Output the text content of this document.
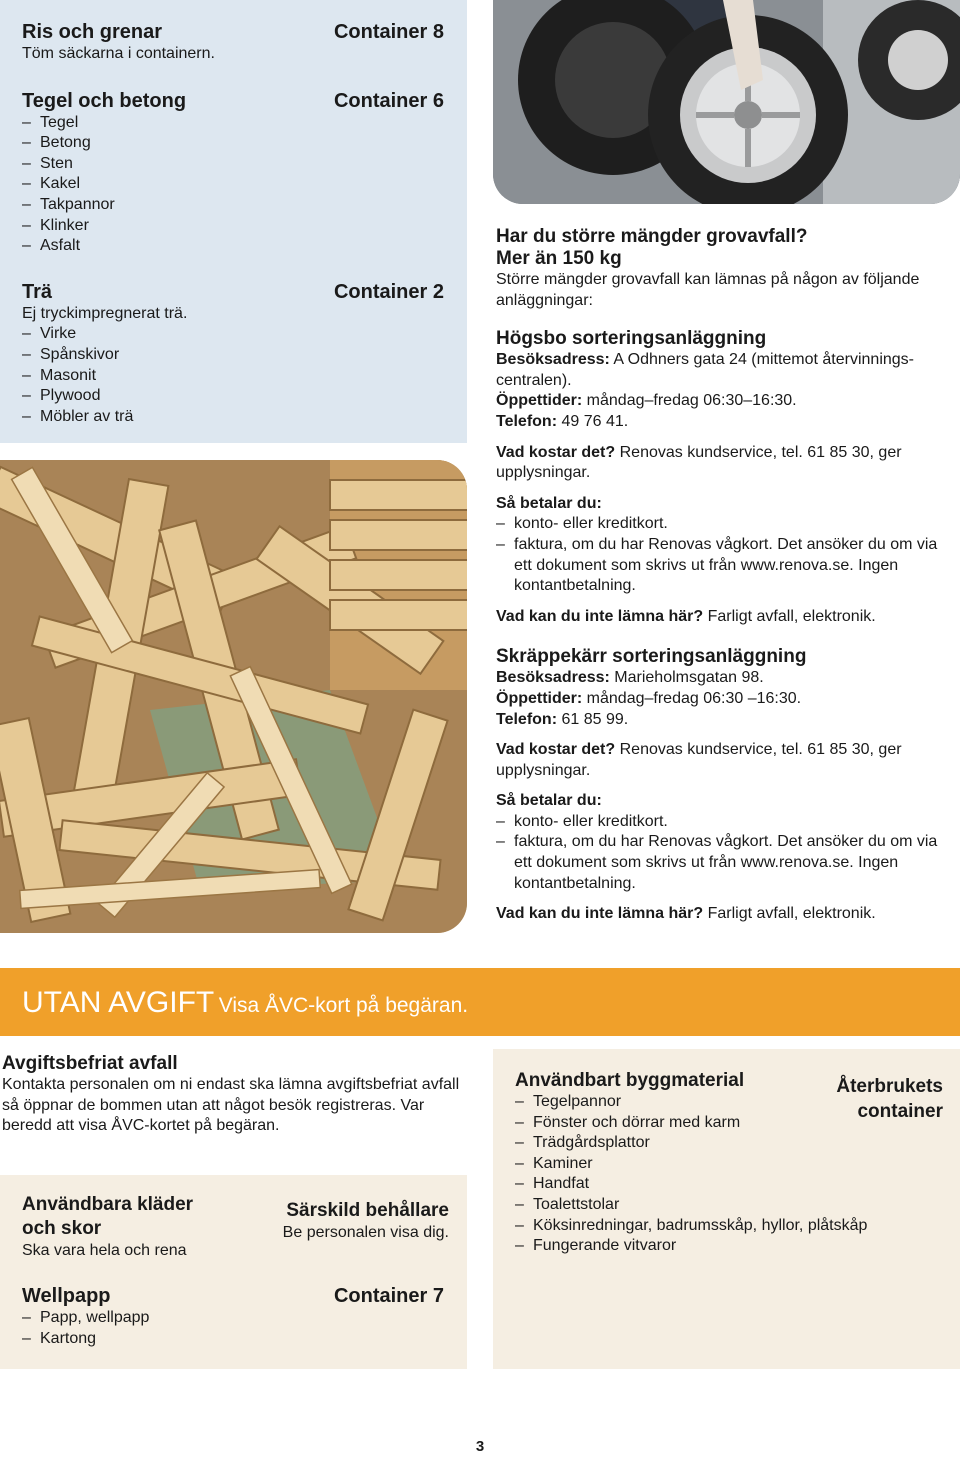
Ris och grenar	Container 8
Töm säckarna i containern.
Tegel och betong	Container 6
– Tegel
– Betong
– Sten
– Kakel
– Takpannor
– Klinker
– Asfalt
Trä	Container 2
Ej tryckimpregnerat trä.
– Virke
– Spånskivor
– Masonit
– Plywood
– Möbler av trä
Har du större mängder grovavfall?
Mer än 150 kg
Större mängder grovavfall kan lämnas på någon av följande anläggningar:
Högsbo sorteringsanläggning

Besöksadress: A Odhners gata 24 (mittemot återvinnings-centralen).

Öppettider: måndag–fredag 06:30–16:30.

Telefon: 49 76 41.

Vad kostar det? Renovas kundservice, tel. 61 85 30, ger upplysningar.

Så betalar du:

– konto- eller kreditkort.
– faktura, om du har Renovas vågkort. Det ansöker du om via ett dokument som skrivs ut från www.renova.se. Ingen kontantbetalning.

Vad kan du inte lämna här? Farligt avfall, elektronik.

Skräppekärr sorteringsanläggning

Besöksadress: Marieholmsgatan 98.

Öppettider: måndag–fredag 06:30 –16:30.

Telefon: 61 85 99.

Vad kostar det? Renovas kundservice, tel. 61 85 30, ger upplysningar.

Så betalar du:

– konto- eller kreditkort.
– faktura, om du har Renovas vågkort. Det ansöker du om via ett dokument som skrivs ut från www.renova.se. Ingen kontantbetalning.

Vad kan du inte lämna här? Farligt avfall, elektronik.

UTAN AVGIFT Visa ÅVC-kort på begäran.
Avgiftsbefriat avfall
Kontakta personalen om ni endast ska lämna avgiftsbefriat avfall så öppnar de bommen utan att något besök registreras. Var beredd att visa ÅVC-kortet på begäran.
Användbara kläder och skor
Ska vara hela och rena
Särskild behållare
Be personalen visa dig.
Wellpapp	Container 7
– Papp, wellpapp
– Kartong
Användbart byggmaterial	Återbrukets container
– Tegelpannor
– Fönster och dörrar med karm
– Trädgårdsplattor
– Kaminer
– Handfat
– Toalettstolar
– Köksinredningar, badrumsskåp, hyllor, plåtskåp
– Fungerande vitvaror
3
